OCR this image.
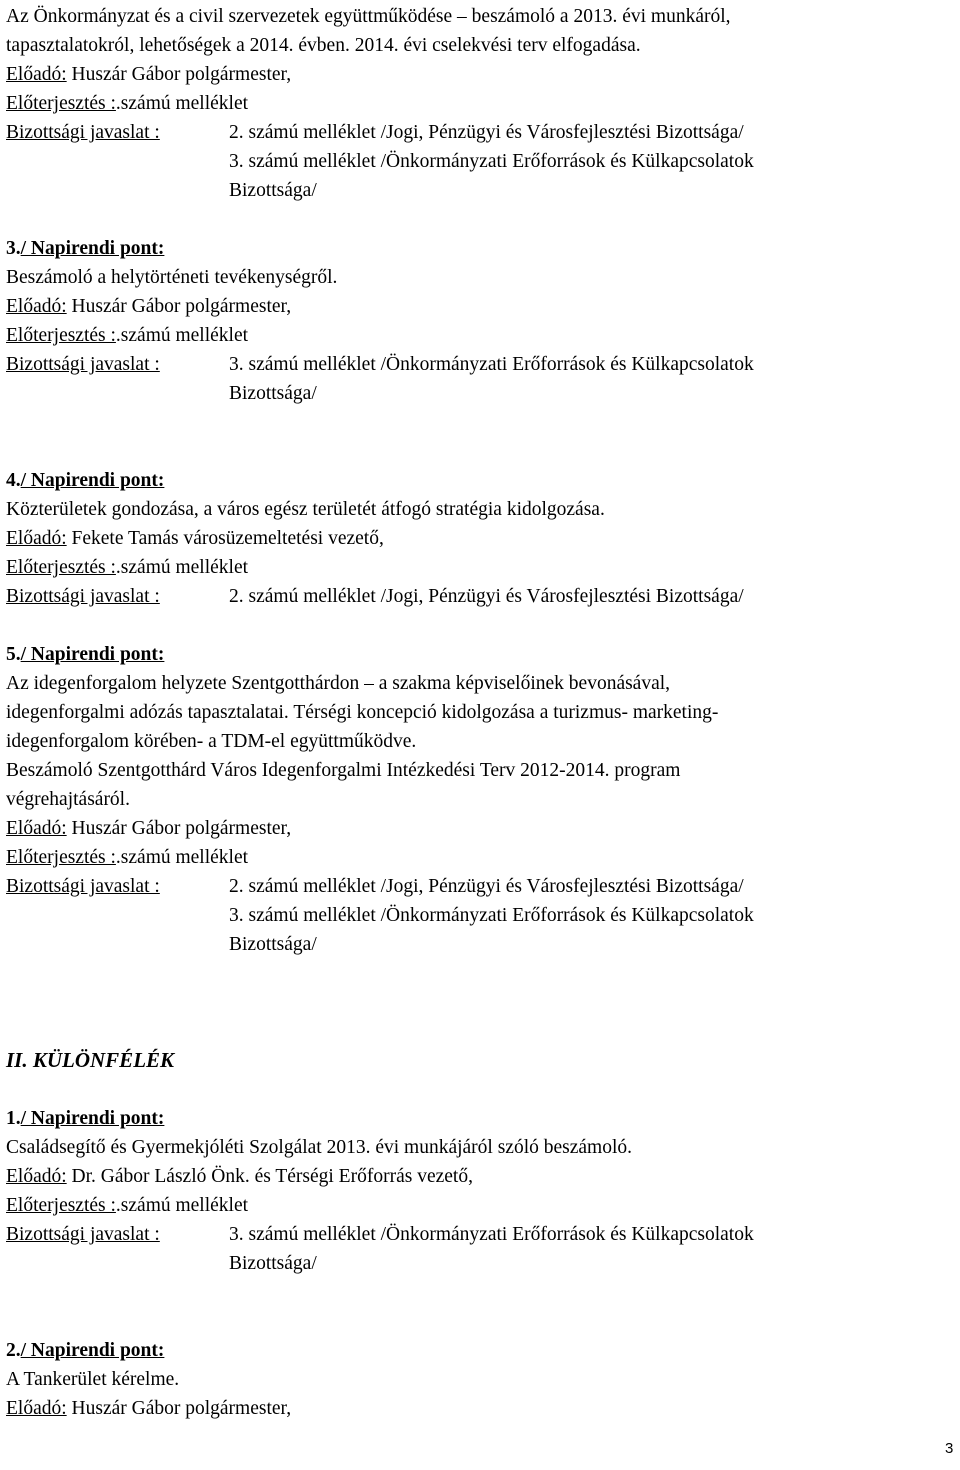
Az Önkormányzat és a civil szervezetek együttműködése – beszámoló a 2013. évi munkáról,
tapasztalatokról, lehetőségek a 2014. évben. 2014. évi cselekvési terv elfogadása.
Előadó: Huszár Gábor polgármester,
Előterjesztés :.számú melléklet
Bizottsági javaslat :	2. számú melléklet /Jogi, Pénzügyi és Városfejlesztési Bizottsága/
3. számú melléklet /Önkormányzati Erőforrások és Külkapcsolatok
Bizottsága/
3./ Napirendi pont:
Beszámoló a helytörténeti tevékenységről.
Előadó: Huszár Gábor polgármester,
Előterjesztés :.számú melléklet
Bizottsági javaslat :	3. számú melléklet /Önkormányzati Erőforrások és Külkapcsolatok
Bizottsága/
4./ Napirendi pont:
Közterületek gondozása, a város egész területét átfogó stratégia kidolgozása.
Előadó: Fekete Tamás városüzemeltetési vezető,
Előterjesztés :.számú melléklet
Bizottsági javaslat :	2. számú melléklet /Jogi, Pénzügyi és Városfejlesztési Bizottsága/
5./ Napirendi pont:
Az idegenforgalom helyzete Szentgotthárdon – a szakma képviselőinek bevonásával,
idegenforgalmi adózás tapasztalatai. Térségi koncepció kidolgozása a turizmus- marketing-
idegenforgalom körében- a TDM-el együttműködve.
Beszámoló Szentgotthárd Város Idegenforgalmi Intézkedési Terv 2012-2014. program
végrehajtásáról.
Előadó: Huszár Gábor polgármester,
Előterjesztés :.számú melléklet
Bizottsági javaslat :	2. számú melléklet /Jogi, Pénzügyi és Városfejlesztési Bizottsága/
3. számú melléklet /Önkormányzati Erőforrások és Külkapcsolatok
Bizottsága/
II. KÜLÖNFÉLÉK
1./ Napirendi pont:
Családsegítő és Gyermekjóléti Szolgálat 2013. évi munkájáról szóló beszámoló.
Előadó: Dr. Gábor László Önk. és Térségi Erőforrás vezető,
Előterjesztés :.számú melléklet
Bizottsági javaslat :	3. számú melléklet /Önkormányzati Erőforrások és Külkapcsolatok
Bizottsága/
2./ Napirendi pont:
A Tankerület kérelme.
Előadó: Huszár Gábor polgármester,
3
